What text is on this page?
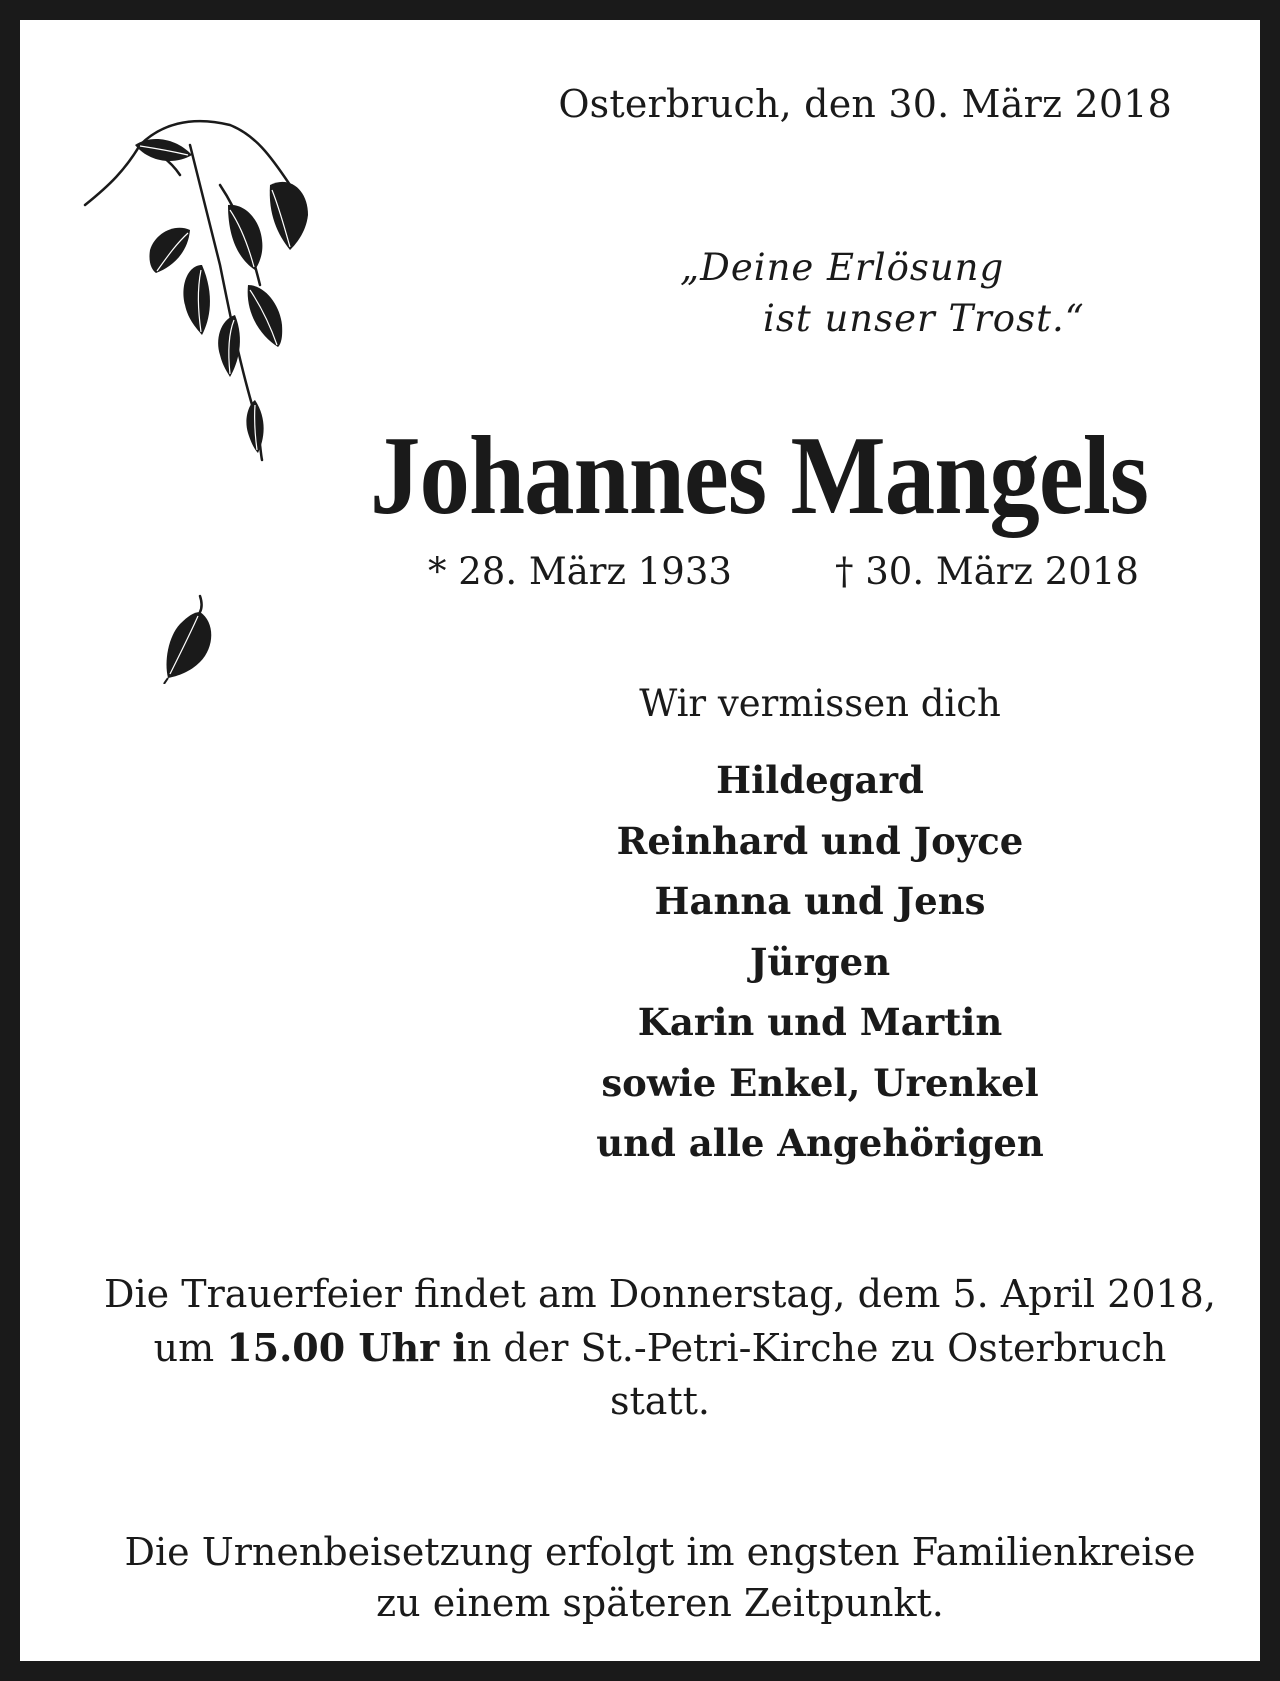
Osterbruch, den 30. März 2018
„Deine Erlösung
ist unser Trost.“
Johannes Mangels
* 28. März 1933	† 30. März 2018
Wir vermissen dich
Hildegard
Reinhard und Joyce
Hanna und Jens
Jürgen
Karin und Martin
sowie Enkel, Urenkel
und alle Angehörigen
Die Trauerfeier findet am Donnerstag, dem 5. April 2018, um 15.00 Uhr in der St.-Petri-Kirche zu Osterbruch statt.
Die Urnenbeisetzung erfolgt im engsten Familienkreise
zu einem späteren Zeitpunkt.
